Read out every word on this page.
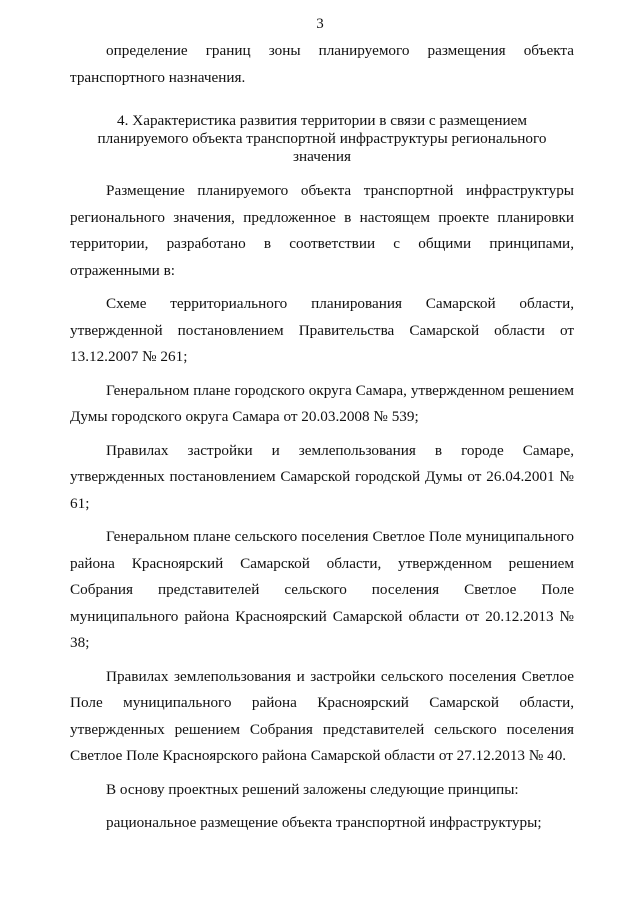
3

определение границ зоны планируемого размещения объекта транспортного назначения.

4. Характеристика развития территории в связи с размещением планируемого объекта транспортной инфраструктуры регионального значения

Размещение планируемого объекта транспортной инфраструктуры регионального значения, предложенное в настоящем проекте планировки территории, разработано в соответствии с общими принципами, отраженными в:

Схеме территориального планирования Самарской области, утвержденной постановлением Правительства Самарской области от 13.12.2007 № 261;

Генеральном плане городского округа Самара, утвержденном решением Думы городского округа Самара от 20.03.2008 № 539;

Правилах застройки и землепользования в городе Самаре, утвержденных постановлением Самарской городской Думы от 26.04.2001 № 61;

Генеральном плане сельского поселения Светлое Поле муниципального района Красноярский Самарской области, утвержденном решением Собрания представителей сельского поселения Светлое Поле муниципального района Красноярский Самарской области от 20.12.2013 № 38;

Правилах землепользования и застройки сельского поселения Светлое Поле муниципального района Красноярский Самарской области, утвержденных решением Собрания представителей сельского поселения Светлое Поле Красноярского района Самарской области от 27.12.2013 № 40.

В основу проектных решений заложены следующие принципы:

рациональное размещение объекта транспортной инфраструктуры;
